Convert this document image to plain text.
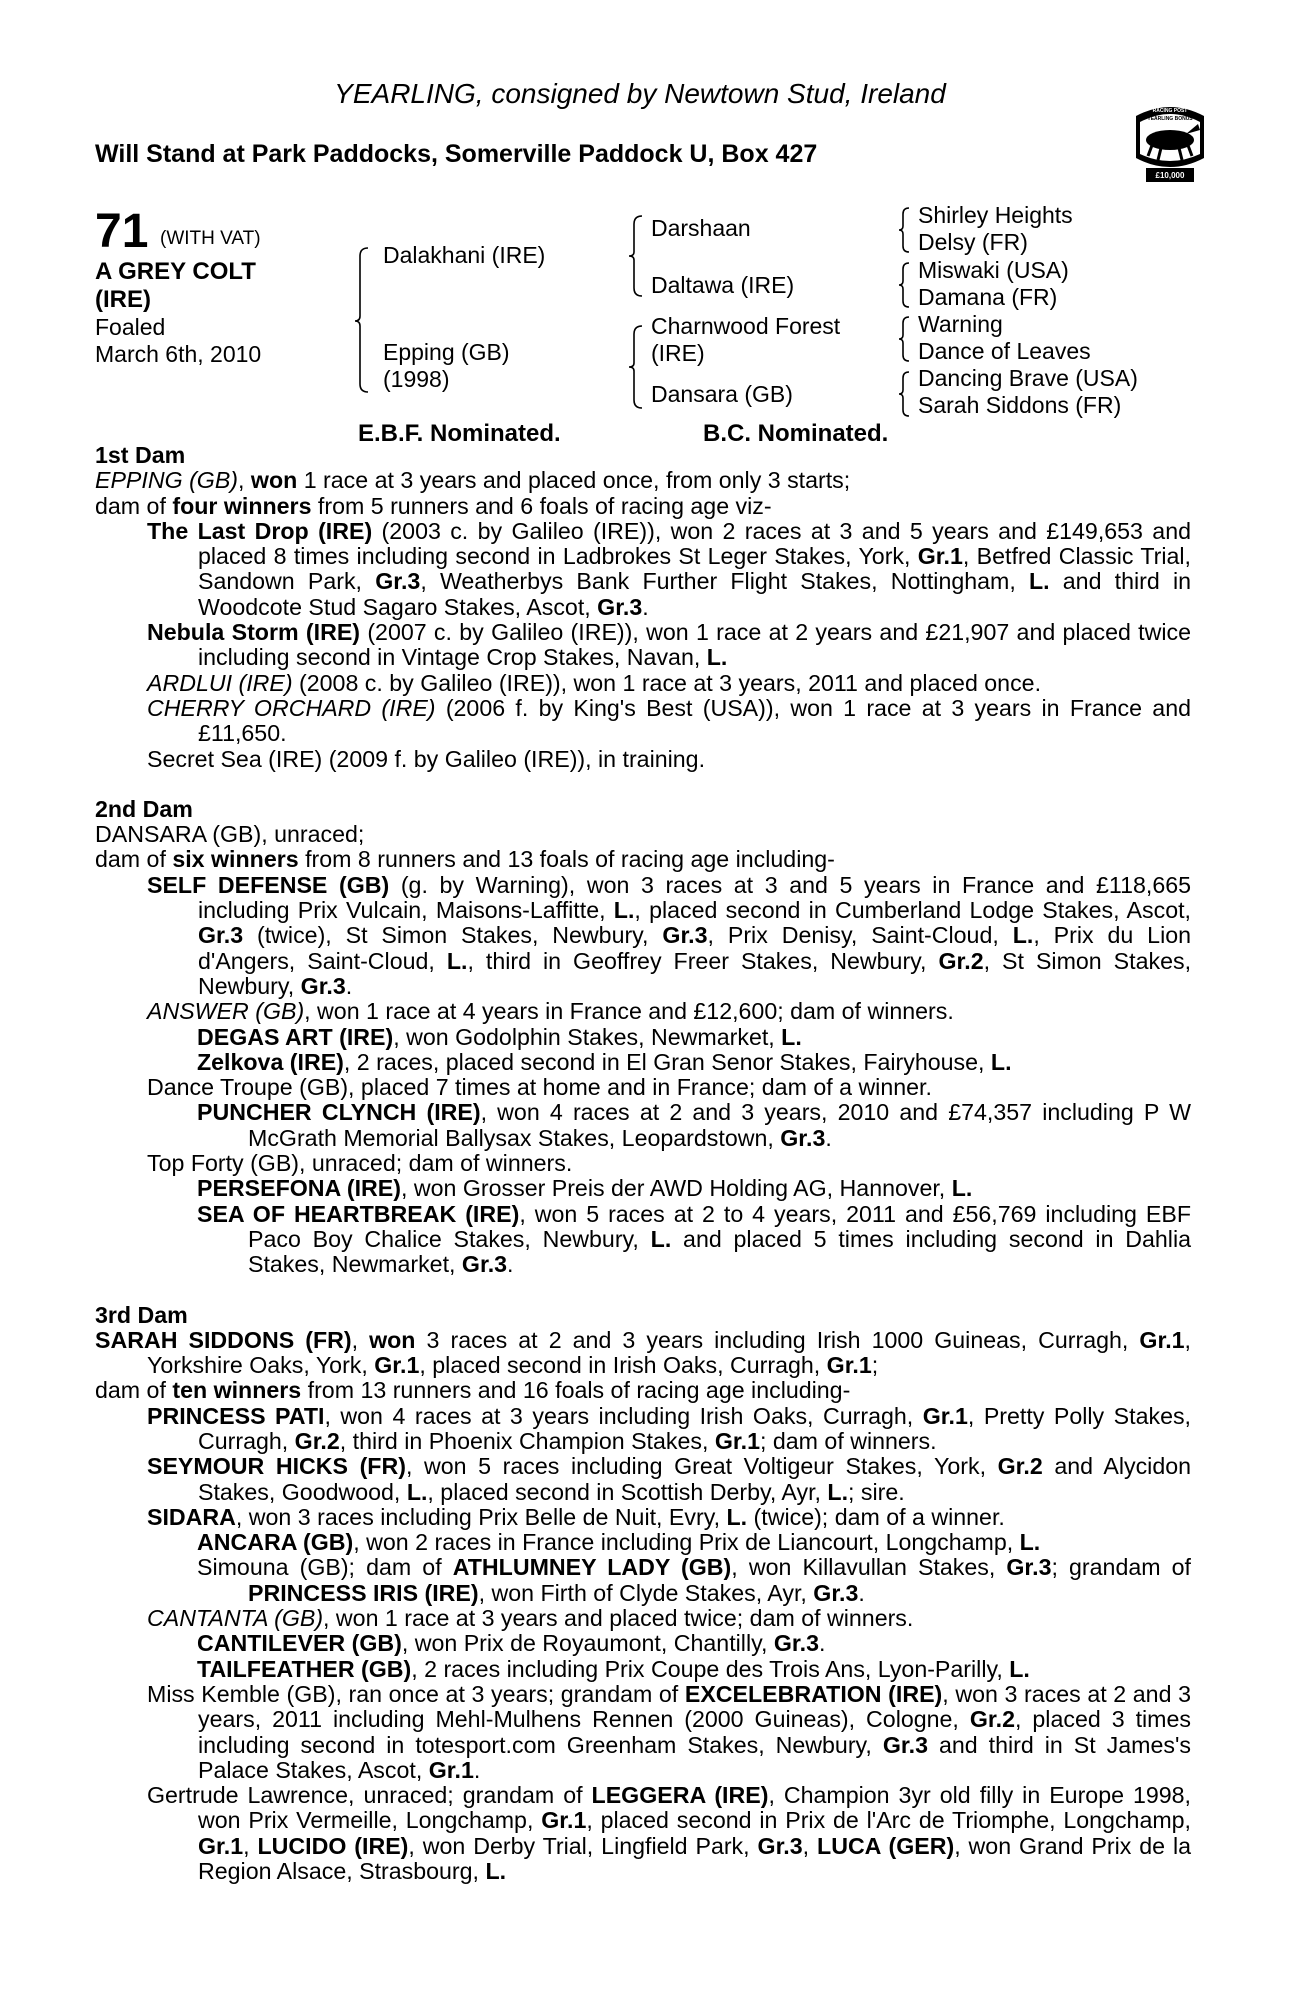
YEARLING, consigned by Newtown Stud, Ireland
Will Stand at Park Paddocks, Somerville Paddock U, Box 427
RACING POST
YEARLING BONUS
£10,000
71 (WITH VAT)
A GREY COLT
(IRE)
Foaled
March 6th, 2010
Dalakhani (IRE)
Epping (GB)
(1998)
Darshaan
Daltawa (IRE)
Charnwood Forest
(IRE)
Dansara (GB)
Shirley Heights
Delsy (FR)
Miswaki (USA)
Damana (FR)
Warning
Dance of Leaves
Dancing Brave (USA)
Sarah Siddons (FR)
E.B.F. Nominated.	B.C. Nominated.
1st Dam
EPPING (GB), won 1 race at 3 years and placed once, from only 3 starts;
dam of four winners from 5 runners and 6 foals of racing age viz-
The Last Drop (IRE) (2003 c. by Galileo (IRE)), won 2 races at 3 and 5 years and £149,653 and placed 8 times including second in Ladbrokes St Leger Stakes, York, Gr.1, Betfred Classic Trial, Sandown Park, Gr.3, Weatherbys Bank Further Flight Stakes, Nottingham, L. and third in Woodcote Stud Sagaro Stakes, Ascot, Gr.3.
Nebula Storm (IRE) (2007 c. by Galileo (IRE)), won 1 race at 2 years and £21,907 and placed twice including second in Vintage Crop Stakes, Navan, L.
ARDLUI (IRE) (2008 c. by Galileo (IRE)), won 1 race at 3 years, 2011 and placed once.
CHERRY ORCHARD (IRE) (2006 f. by King's Best (USA)), won 1 race at 3 years in France and £11,650.
Secret Sea (IRE) (2009 f. by Galileo (IRE)), in training.
2nd Dam
DANSARA (GB), unraced;
dam of six winners from 8 runners and 13 foals of racing age including-
SELF DEFENSE (GB) (g. by Warning), won 3 races at 3 and 5 years in France and £118,665 including Prix Vulcain, Maisons-Laffitte, L., placed second in Cumberland Lodge Stakes, Ascot, Gr.3 (twice), St Simon Stakes, Newbury, Gr.3, Prix Denisy, Saint-Cloud, L., Prix du Lion d'Angers, Saint-Cloud, L., third in Geoffrey Freer Stakes, Newbury, Gr.2, St Simon Stakes, Newbury, Gr.3.
ANSWER (GB), won 1 race at 4 years in France and £12,600; dam of winners.
DEGAS ART (IRE), won Godolphin Stakes, Newmarket, L.
Zelkova (IRE), 2 races, placed second in El Gran Senor Stakes, Fairyhouse, L.
Dance Troupe (GB), placed 7 times at home and in France; dam of a winner.
PUNCHER CLYNCH (IRE), won 4 races at 2 and 3 years, 2010 and £74,357 including P W McGrath Memorial Ballysax Stakes, Leopardstown, Gr.3.
Top Forty (GB), unraced; dam of winners.
PERSEFONA (IRE), won Grosser Preis der AWD Holding AG, Hannover, L.
SEA OF HEARTBREAK (IRE), won 5 races at 2 to 4 years, 2011 and £56,769 including EBF Paco Boy Chalice Stakes, Newbury, L. and placed 5 times including second in Dahlia Stakes, Newmarket, Gr.3.
3rd Dam
SARAH SIDDONS (FR), won 3 races at 2 and 3 years including Irish 1000 Guineas, Curragh, Gr.1, Yorkshire Oaks, York, Gr.1, placed second in Irish Oaks, Curragh, Gr.1;
dam of ten winners from 13 runners and 16 foals of racing age including-
PRINCESS PATI, won 4 races at 3 years including Irish Oaks, Curragh, Gr.1, Pretty Polly Stakes, Curragh, Gr.2, third in Phoenix Champion Stakes, Gr.1; dam of winners.
SEYMOUR HICKS (FR), won 5 races including Great Voltigeur Stakes, York, Gr.2 and Alycidon Stakes, Goodwood, L., placed second in Scottish Derby, Ayr, L.; sire.
SIDARA, won 3 races including Prix Belle de Nuit, Evry, L. (twice); dam of a winner.
ANCARA (GB), won 2 races in France including Prix de Liancourt, Longchamp, L.
Simouna (GB); dam of ATHLUMNEY LADY (GB), won Killavullan Stakes, Gr.3; grandam of PRINCESS IRIS (IRE), won Firth of Clyde Stakes, Ayr, Gr.3.
CANTANTA (GB), won 1 race at 3 years and placed twice; dam of winners.
CANTILEVER (GB), won Prix de Royaumont, Chantilly, Gr.3.
TAILFEATHER (GB), 2 races including Prix Coupe des Trois Ans, Lyon-Parilly, L.
Miss Kemble (GB), ran once at 3 years; grandam of EXCELEBRATION (IRE), won 3 races at 2 and 3 years, 2011 including Mehl-Mulhens Rennen (2000 Guineas), Cologne, Gr.2, placed 3 times including second in totesport.com Greenham Stakes, Newbury, Gr.3 and third in St James's Palace Stakes, Ascot, Gr.1.
Gertrude Lawrence, unraced; grandam of LEGGERA (IRE), Champion 3yr old filly in Europe 1998, won Prix Vermeille, Longchamp, Gr.1, placed second in Prix de l'Arc de Triomphe, Longchamp, Gr.1, LUCIDO (IRE), won Derby Trial, Lingfield Park, Gr.3, LUCA (GER), won Grand Prix de la Region Alsace, Strasbourg, L.
